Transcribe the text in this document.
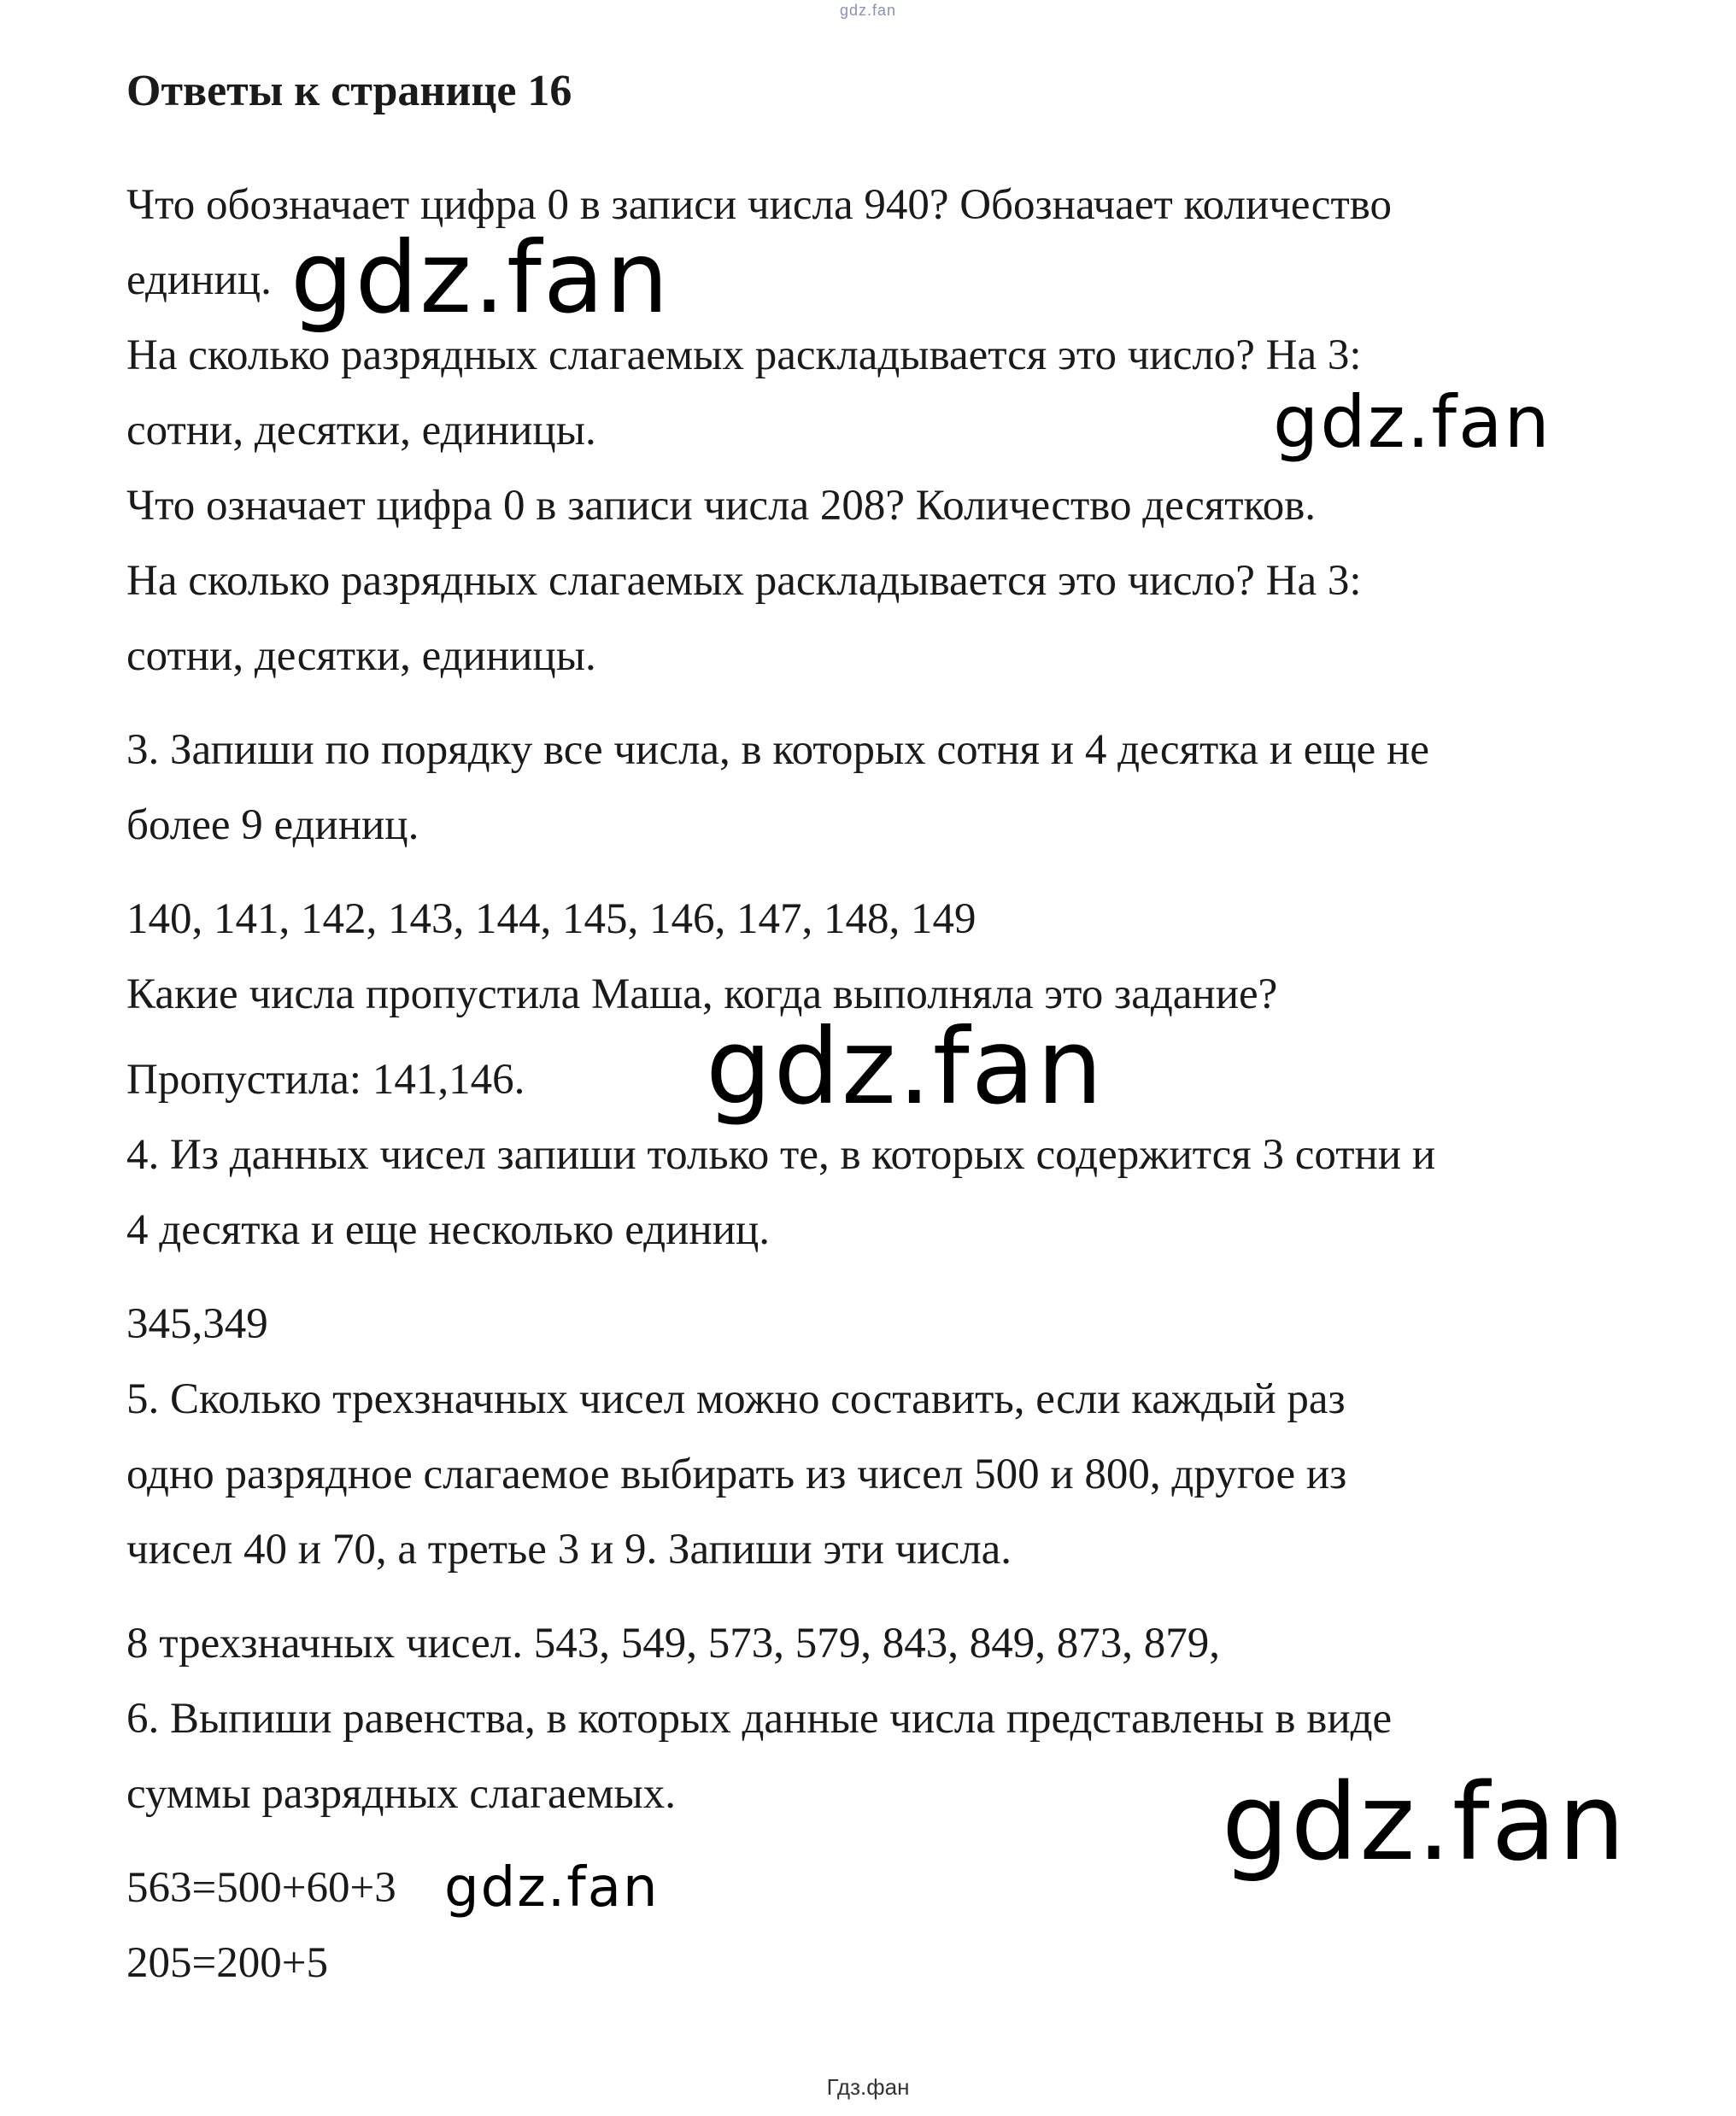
gdz.fan
Ответы к странице 16

Что обозначает цифра 0 в записи числа 940? Обозначает количество

единиц.

На сколько разрядных слагаемых раскладывается это число? На 3:

сотни, десятки, единицы.

Что означает цифра 0 в записи числа 208? Количество десятков.

На сколько разрядных слагаемых раскладывается это число? На 3:

сотни, десятки, единицы.

3. Запиши по порядку все числа, в которых сотня и 4 десятка и еще не

более 9 единиц.

140, 141, 142, 143, 144, 145, 146, 147, 148, 149

Какие числа пропустила Маша, когда выполняла это задание?

Пропустила: 141,146.

4. Из данных чисел запиши только те, в которых содержится 3 сотни и

4 десятка и еще несколько единиц.

345,349

5. Сколько трехзначных чисел можно составить, если каждый раз

одно разрядное слагаемое выбирать из чисел 500 и 800, другое из

чисел 40 и 70, а третье 3 и 9. Запиши эти числа.

8 трехзначных чисел. 543, 549, 573, 579, 843, 849, 873, 879,

6. Выпиши равенства, в которых данные числа представлены в виде

суммы разрядных слагаемых.

563=500+60+3

205=200+5

gdz.fan
gdz.fan
gdz.fan
gdz.fan
gdz.fan
Гдз.фан
